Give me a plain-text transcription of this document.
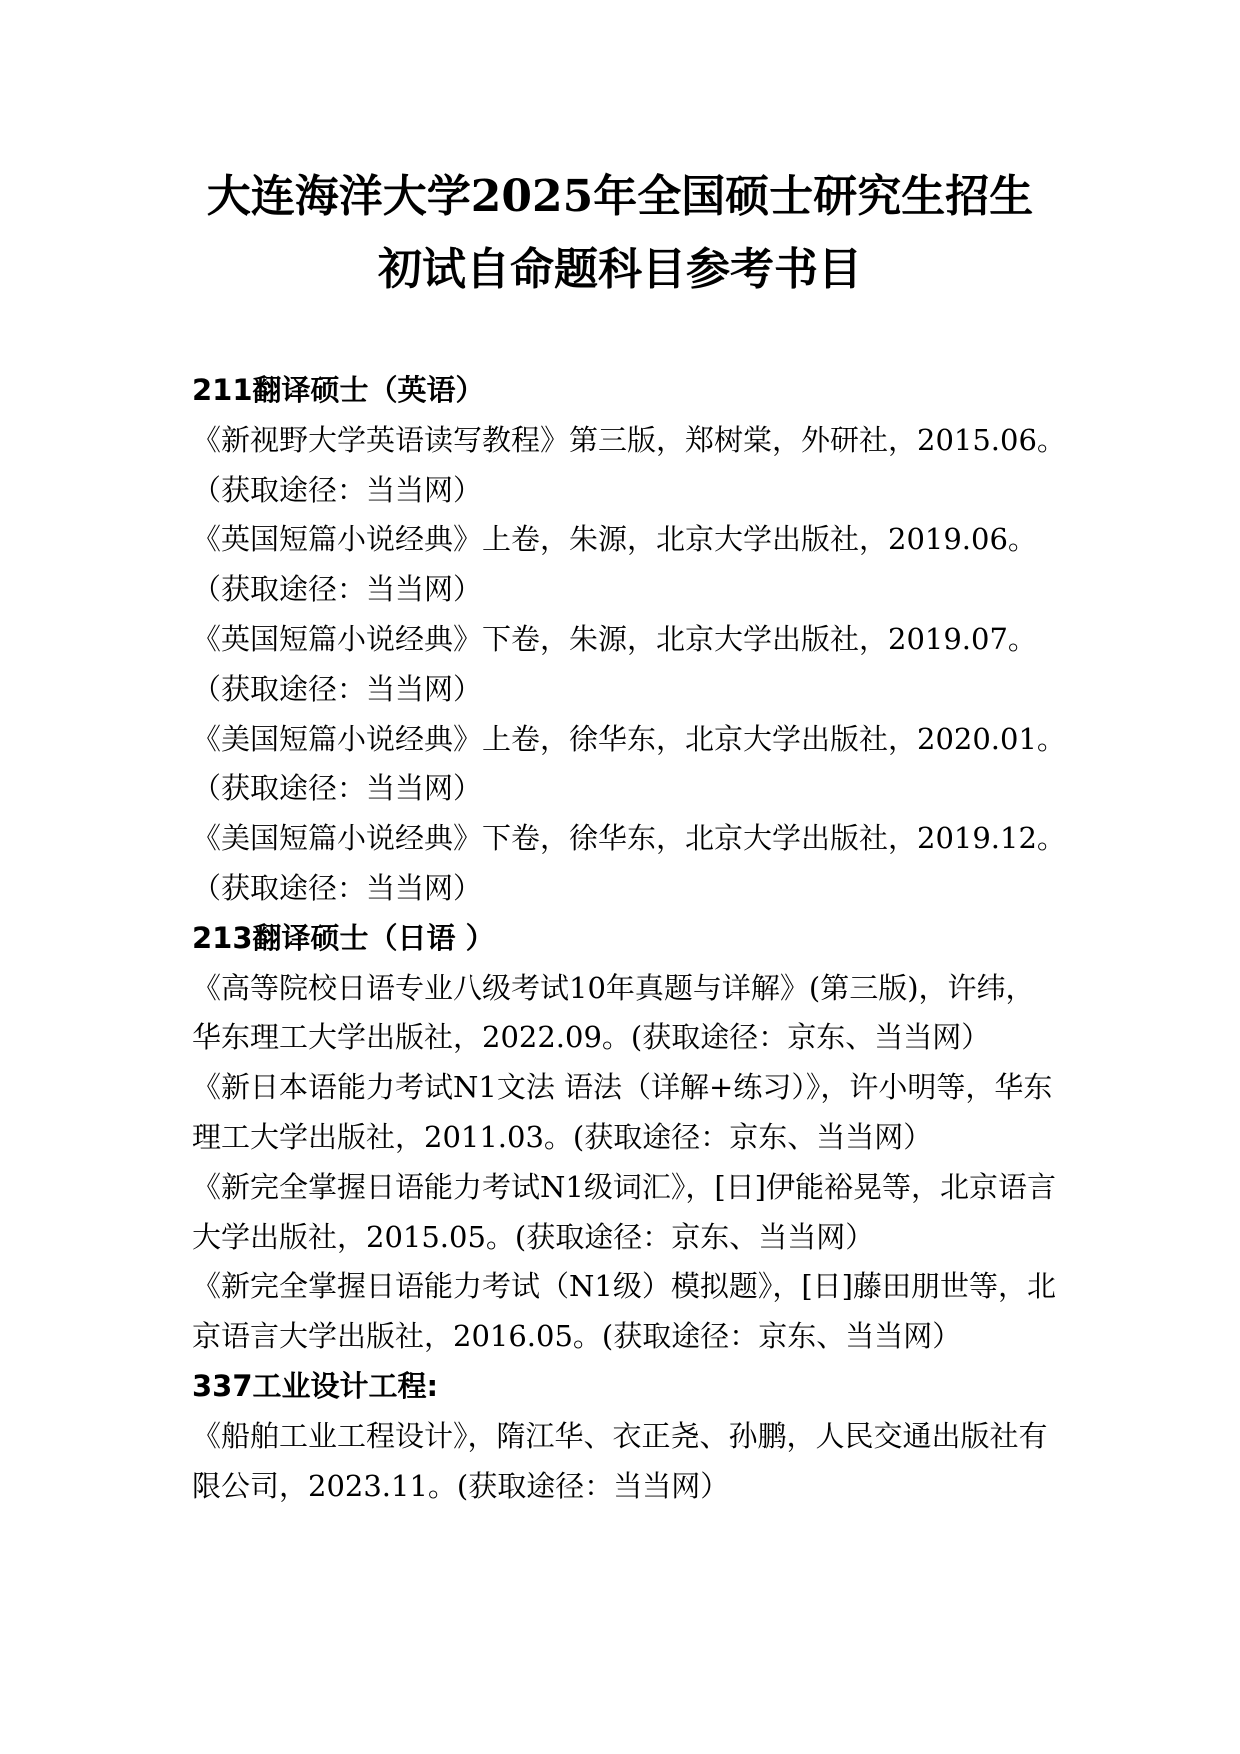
大连海洋大学2025年全国硕士研究生招生
初试自命题科目参考书目
211翻译硕士（英语）
《新视野大学英语读写教程》第三版，郑树棠，外研社，2015.06。
（获取途径：当当网）
《英国短篇小说经典》上卷，朱源，北京大学出版社，2019.06。
（获取途径：当当网）
《英国短篇小说经典》下卷，朱源，北京大学出版社，2019.07。
（获取途径：当当网）
《美国短篇小说经典》上卷，徐华东，北京大学出版社，2020.01。
（获取途径：当当网）
《美国短篇小说经典》下卷，徐华东，北京大学出版社，2019.12。
（获取途径：当当网）
213翻译硕士（日语 ）
《高等院校日语专业八级考试10年真题与详解》(第三版)，许纬，
华东理工大学出版社，2022.09。(获取途径：京东、当当网）
《新日本语能力考试N1文法 语法（详解+练习）》，许小明等，华东
理工大学出版社，2011.03。(获取途径：京东、当当网）
《新完全掌握日语能力考试N1级词汇》，[日]伊能裕晃等，北京语言
大学出版社，2015.05。(获取途径：京东、当当网）
《新完全掌握日语能力考试（N1级）模拟题》，[日]藤田朋世等，北
京语言大学出版社，2016.05。(获取途径：京东、当当网）
337工业设计工程:
《船舶工业工程设计》，隋江华、衣正尧、孙鹏，人民交通出版社有
限公司，2023.11。(获取途径：当当网）
